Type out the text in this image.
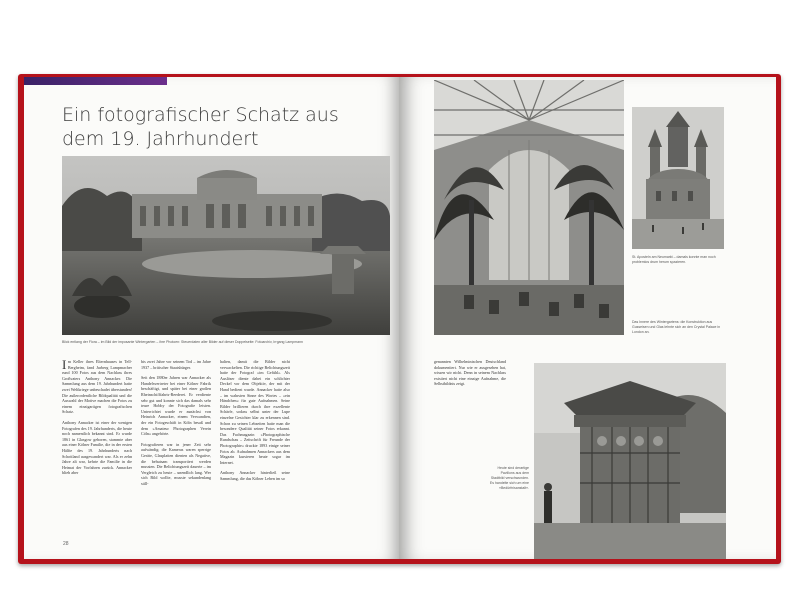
Ein fotografischer Schatz aus dem 19. Jahrhundert
Blick entlang der Flora – im Bild der imposante Wintergarten – ihre Photoen: Steuerdaten aller Bilder auf dieser Doppelseite: Fotoarchiv, Irrgang Lampmann

Im Keller ihres Elternhauses in Tell-Bergheim, fand Jurberg Lampmacher rund 100 Fotos aus dem Nachlass ihres Großvaters Anthony Annacker. Die Sammlung aus dem 19. Jahrhundert hatte zwei Weltkriege unbeschadet überstanden! Die außerordentliche Bildqualität und die Auswahl der Motive machen die Fotos zu einem einzigartigen fotografischen Schatz.

Anthony Annacker ist einer der wenigen Fotografen des 19. Jahrhunderts, die heute noch namentlich bekannt sind. Er wurde 1861 in Glasgow geboren, stammte aber aus einer Kölner Familie, die in der ersten Hälfte des 19. Jahrhunderts nach Schottland ausgewandert war. Als er zehn Jahre alt war, kehrte die Familie in die Heimat der Vorfahren zurück. Annacker blieb aber

bis zwei Jahre vor seinem Tod – im Jahre 1937 – britischer Staatsbürger.

Seit den 1880er Jahren war Annacker als Handelsvertreter bei einer Kölner Fabrik beschäftigt, und später bei einer großen Rheinschifffahrts-Reederei. Er verdiente sehr gut und konnte sich das damals sehr teure Hobby der Fotografie leisten. Unterrichtet wurde er zunächst von Heinrich Annacker, einem Verwandten, der ein Fotogeschäft in Köln besaß und dem »Amateur Photographen Verein Cöln« angehörte.

Fotografieren war in jener Zeit sehr aufwändig; die Kameras waren sperrige Geräte, Glasplatten dienten als Negative, die behutsam transportiert werden mussten. Die Belichtungszeit dauerte – im Vergleich zu heute – unendlich lang. Wer sich Bild wollte, musste sekundenlang still-

halten, damit die Bilder nicht verwackelten. Die richtige Belichtungszeit hatte der Fotograf »im Gefühl«. Als Auslöser diente dabei ein schlichter Deckel vor dem Objektiv, der mit der Hand bedient wurde. Annacker hatte also – im wahrsten Sinne des Wortes – »ein Händchen« für gute Aufnahmen. Seine Bilder brillieren durch ihre exzellente Schärfe, sodass selbst unter der Lupe einzelne Gesichter klar zu erkennen sind. Schon zu seinen Lebzeiten hatte man die besondere Qualität seiner Fotos erkannt. Das Fachmagazin »Photographische Rundschau – Zeitschrift für Freunde der Photographie« druckte 1893 einige seiner Fotos ab. Aufnahmen Annackers aus dem Magazin kursieren heute sogar im Internet.

Anthony Annacker hinterließ seine Sammlung, die das Kölner Leben im so

28
St. Aposteln am Neumarkt – damals konnte man noch problemlos drum herum spazieren.
Das Innere des Wintergartens: die Konstruktion aus Gusseisen und Glas lehnte sich an den Crystal Palace in London an.

genannten Wilhelminischen Deutschland dokumentiert. Nur wie er ausgesehen hat, wissen wir nicht. Denn in seinem Nachlass existiert nicht eine einzige Aufnahme, die Selbstbildnis zeigt.

Heute sind derartige Pavillons aus dem Stadtbild verschwunden. Es handelte sich um eine »Bedürfnisanstalt«.
